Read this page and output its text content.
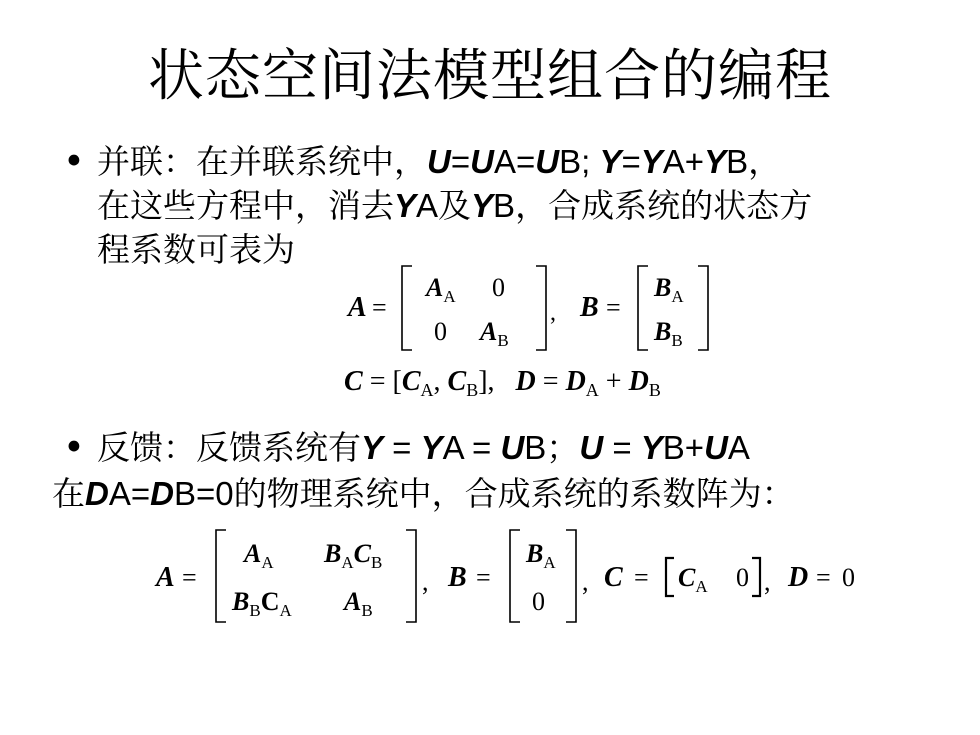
状态空间法模型组合的编程
• 并联：在并联系统中，U=UA=UB; Y=YA+YB，
在这些方程中，消去YA及YB，合成系统的状态方
程系数可表为
A =
$A_A$ 0
0 $A_B$
, B =
$B_A$
$B_B$
$C = [C_A$, $C_B$],   $D = D_A + D_B$
• 反馈：反馈系统有Y = YA = UB；U = YB+UA
在DA=DB=0的物理系统中，合成系统的系数阵为：
A =
$A_A$ $B_AC_B$
$B_BC_A$ $A_B$
, B =
$B_A$
0
, $C = C_A$ 0 , D = 0
